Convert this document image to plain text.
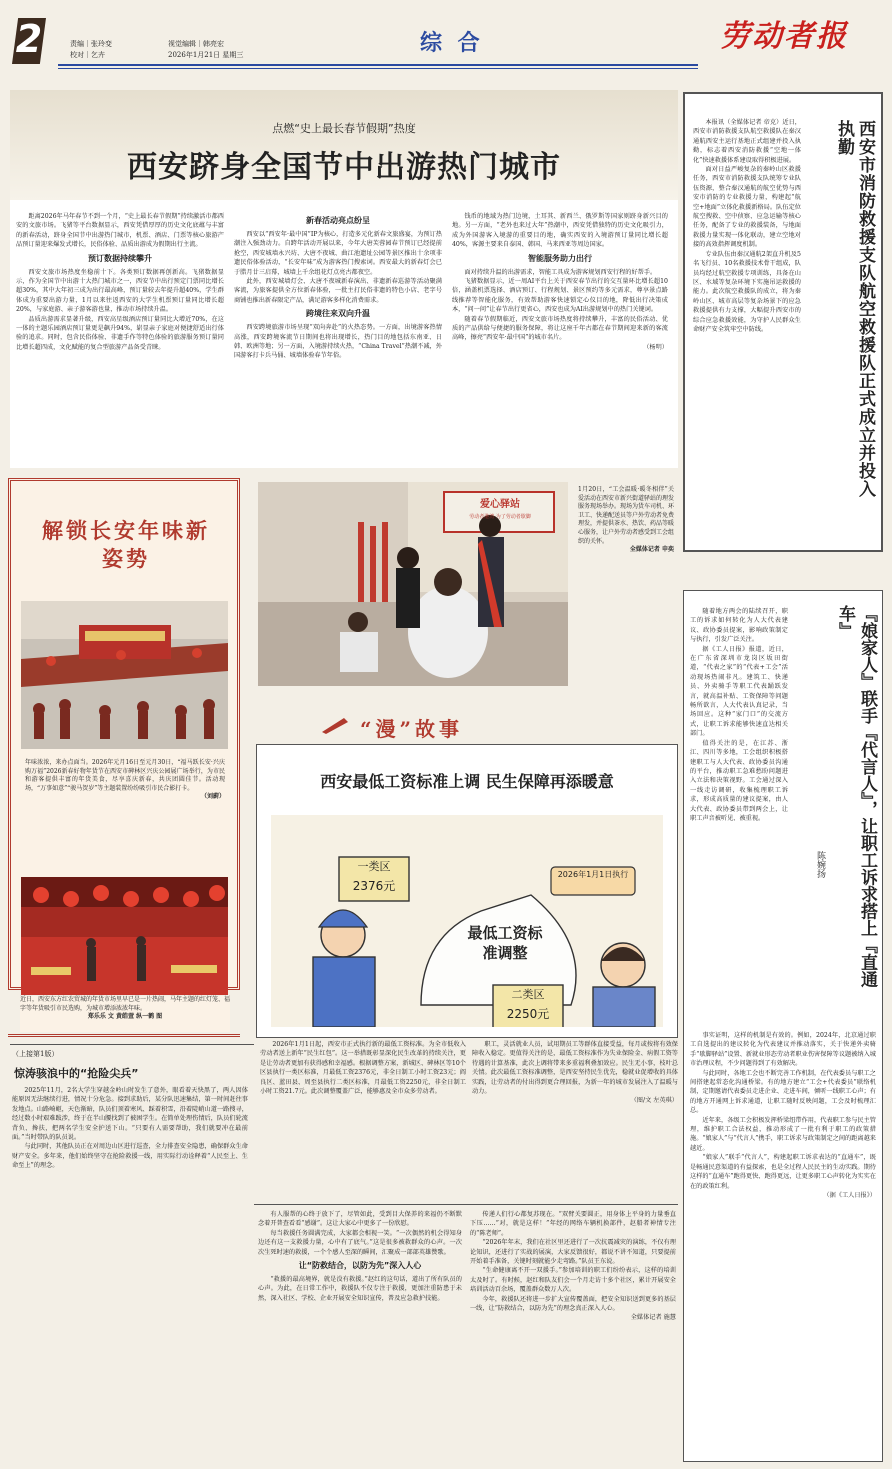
2	责编｜张玲变
校对｜乞卉
视觉编辑｜韩亮宏
2026年1月21日 星期三	综 合	劳动者报
点燃“史上最长春节假期”热度
西安跻身全国节中出游热门城市

距离2026年马年春节不到一个月，“史上最长春节假期”持续激活市都西安的文旅市场。飞猪等平台数据显示，西安凭借厚厚的历史文化底蕴与丰富的新春活动，跻身全国节中出游热门城市，机票、酒店、门票等核心旅游产品预订量迎来爆发式增长，民俗体验、品质出游成为假期出行主流。

预订数据持续攀升

西安文旅市场热度坐稳前十下。各类预订数据再创新高。飞猪数据显示，作为全国节中出游十大热门城市之一，西安节中出行预定门票同比增长超30%，其中大年初三成为出行最高峰，预订量较去年提升超40%，学生群体成为重要出游力量，1月以来往返西安的大学生机票预订量同比增长超20%，与家庭游、亲子游客游也量，推动市场持续升温。

品质出游需求显著升级，西安高星级酒店预订量同比大增近70%，在这一体的主题乐园酒店预订量更是飙升94%，崭显亲子家庭对便捷舒适出行体验的追求。同时，包含民俗体验、非遗手作等特色体验的旅游服务预订量同比增长超四成，文化赋能的复合型旅游产品备受青睐。

新春活动亮点纷呈

西安以“西安年·最中国”IP为核心，打造多元化新春文旅盛宴，为预订热潮注入强劲动力。自跨年活动开展以来，今年大唐芙蓉园春节预订已经提前抢空，西安城墙永兴坊、大唐不夜城、曲江池遗址公园等景区推出十余项非遗民俗体验活动，“长安年味”成为游客热门搜索词。西安最大的新春灯会已于腊月廿三启幕，城墙上千余组花灯点亮古都夜空。

此外，西安城墙灯会、大唐不夜城新春演出、非遗新春巡游等活动聚满客流，为旅客提供全方位新春体验，一批主打民俗非遗的特色小店、老字号商铺也推出新春限定产品，满足游客多样化消费需求。

跨境往来双向升温

西安跨境旅游市场呈现“双向奔赴”的火热态势。一方面，出境游客热情高涨，西安跨境客流节日期间也将出现增长，热门目的地包括东南亚、日韩、欧洲等地；另一方面，入境游持续火热，“China Travel”热潮不减，外国游客打卡兵马俑、城墙体验春节年俗。

钱币的地域为热门边境，土耳其、新西兰、俄罗斯等国家则跻身新兴目的地。另一方面，“老外也来过大年”热潮中，西安凭借独特的历史文化吸引力，成为外国游客入境游的重要目的地，确实西安的入境游预订量同比增长超40%，客源主要来自泰国、韩国、马来西亚等周边国家。

智能服务助力出行

面对持续升温的出游需求，智能工具成为游客规划西安行程的好帮手。

飞猪数据显示，近一周AI平台上关于西安春节出行的交互量环比增长超10倍，涵盖机票选择、酒店预订、行程规划、景区预约等多元需求，尊享景点路线推荐等智能化服务，有效帮助游客快速锁定心仪目的地，降低出行决策成本，“问一问”让春节出行更省心，西安也成为AI出游规划中的热门关键词。

随着春节假期临近，西安文旅市场热度将持续攀升，丰富的民俗活动、优质的产品供给与便捷的服务保障，将让这座千年古都在春节期间迎来新的客流高峰，擦亮“西安年·最中国”的城市名片。

（杨明）	西安市消防救援支队航空救援队正式成立并投入执勤

本报讯（全媒体记者 帝克）近日，西安市消防救援支队航空救援队在秦汉通航西安主运行基地正式组建并投入执勤，标志着西安消防救援“空地一体化”快速救援体系建设取得积极进展。

面对日益严峻复杂的秦岭山区救援任务，西安市消防救援支队统筹专业队伍资源，整合秦汉通航的航空优势与西安市消防的专业救援力量，构建起“航空+地面”立体化救援新格局。队伍定位航空搜救、空中侦察、应急运输等核心任务，配备了专业的救援装备，与地面救援力量实现一体化联动，建立空地对接的高效指挥调度机制。

专业队伍由秦汉通航2架直升机及5名飞行员、10名救援技术骨干组成，队员均经过航空救援专项训练，具备在山区、水域等复杂环境下实施吊运救援的能力。此次航空救援队的成立，将为秦岭山区、城市高层等复杂场景下的应急救援提供有力支撑，大幅提升西安市的综合应急救援效能，为守护人民群众生命财产安全筑牢空中防线。

解锁长安年味新姿势
年味浓浓，来办点面当。2026年元月16日至元月30日，“福马跃长安·兴庆购万福”2026新春好物年货节在西安市碑林区兴庆公园展广场举行，为市民和游客提供丰富的年货美食，尽享喜庆新春，共庆团圆佳节。活动现场，“万事如意”“骏马贺岁”等主题装置纷纷吸引市民合影打卡。
（刘蔚）
近日，西安东方红农贸城的年货市场里早已是一片热闹，马年主题的红灯笼、福字等年货吸引市民选购，为城市增添浓浓年味。
郑乐乐 文 黄皓萱 纵一鹤 图
爱心驿站
劳动者港湾·为了劳动者歇脚
1月20日，“工会温暖·暖冬相伴”关爱活动在西安市新兴街道驿站的理发服务现场举办。现场为货车司机、环卫工、快递配送员等户外劳动者免费理发，并提供茶水、热饮、药品等暖心服务，让户外劳动者感受到工会组织的关怀。
全媒体记者 申奕
“漫”故事
西安最低工资标准上调 民生保障再添暖意
一类区
2376元
最低工资标准调整
2026年1月1日执行
二类区
2250元

2026年1月1日起，西安市正式执行新的最低工资标准。为全市低收入劳动者送上新年“民生红包”。这一举措既彰显深化民生改革的持续关注，更是让劳动者更加有获得感和幸福感。根据调整方案，新城区、碑林区等10个区县执行一类区标准，月最低工资2376元，非全日制工小时工资23元；阎良区、蓝田县、周至县执行二类区标准，月最低工资2250元，非全日制工小时工资21.7元。此次调整覆盖广泛，能够惠及全市众多劳动者。

职工，灵活就业人员，试用期员工等群体直接受益，每月或按将有效保障收入稳定。更值得关注的是，最低工资标准作为失业保险金、病假工资等待遇的计算基准，此次上调将带来多重福利叠加效应。民生无小事，枝叶总关情。此次最低工资标准调整，是西安坚持民生优先，稳就业促增收的具体实践，让劳动者的付出得到更合理回报，为新一年的城市发展注入了温暖与动力。

（图/文 左英琪）
『娘家人』联手『代言人』，让职工诉求搭上『直通车』
陈婉扬

随着地方两会的陆续召开，职工的诉求如何转化为人大代表建议、政协委员提案，影响政策制定与执行，引发广泛关注。

据《工人日报》报道，近日，在广东省深圳市龙岗区坂田街道，“代表之家”的“代表+工会”活动现场热闹非凡。建筑工、快递员、外卖骑手等职工代表踊跃发言，就高温补贴、工资保障等问题畅所欲言，人大代表认真记录，当场回应。这种“家门口”的交流方式，让职工诉求能够快速直达相关部门。

值得关注的是，在江苏、浙江、四川等多地，工会组织积极搭建职工与人大代表、政协委员沟通的平台，推动职工急难愁盼问题进入立法和决策视野。工会通过深入一线走访调研，收集梳理职工诉求，形成高质量的建议提案，由人大代表、政协委员带到两会上，让职工声音被听见、被重视。

事实证明，这样的机制是有效的。例如，2024年，北京通过职工自选提出的建议转化为代表建议并推动落实，关于快递外卖骑手“歇脚驿站”设置、新就业形态劳动者职业伤害保障等议题被纳入城市治理议程，不少问题得到了有效解决。

与此同时，各地工会也不断完善工作机制，在代表委员与职工之间搭建起常态化沟通桥梁。有的地方建立“工会+代表委员”联络机制，定期邀请代表委员走进企业、走进车间，倾听一线职工心声；有的地方开通网上诉求通道，让职工随时反映问题，工会及时梳理汇总。

近年来，各级工会积极发挥桥梁纽带作用，代表职工参与民主管理，维护职工合法权益，推动形成了一批有利于职工的政策措施。“娘家人”与“代言人”携手，职工诉求与政策制定之间的距离越来越近。

“娘家人”联手“代言人”，构建起职工诉求表达的“直通车”，既是畅通民意渠道的有益探索，也是全过程人民民主的生动实践。期待这样的“直通车”跑得更快、跑得更远，让更多职工心声转化为实实在在的政策红利。

（据《工人日报》）
（上接第1版）
惊涛骇浪中的“抢险尖兵”

2025年11月，2名大学生穿越金岭山时发生了意外，眼看着天快黑了，两人因体能原因无法继续行进，情况十分危急。接到求助后，某分队迅速集结，第一时间赶往事发地点。山路崎岖，天色渐暗，队员们顶着寒风、踩着积雪，沿着陡峭山道一路搜寻，经过数小时艰难跋涉，终于在半山腰找到了被困学生。在简单处理伤情后，队员们轮流背负、搀扶，把两名学生安全护送下山。“只要有人需要帮助，我们就要冲在最前面。”当时带队的队员说。

与此同时，其他队员正在对周边山区进行巡查，全力排查安全隐患，确保群众生命财产安全。多年来，他们始终坚守在抢险救援一线，用实际行动诠释着“人民至上、生命至上”的理念。

有人服帮的心终于放下了，尽管如此，受到目大保养的来福仍不断默念着开普查看看“感谢”。这让大家心中更多了一份欣慰。

每当救援任务圆满完成，大家都会相视一笑。“一次偶然的机会得知身边还有这一支救援力量，心中有了底气。”这是很多被救群众的心声。一次次生死时速的救援，一个个感人至深的瞬间，汇聚成一部部英雄赞歌。

让“防救结合，以防为先”深入人心

“救援的最高境界，就是没有救援。”赵红的这句话，道出了所有队员的心声。为此，在日常工作中，救援队不仅专注于救援，更加注重防患于未然，深入社区、学校、企业开展安全知识宣传，普及应急救护技能。

传递人们行心都复苏现在。“双臂关要圆正，用身体上平身的力量垂直下压……”对，就是这样！”年经的网络车辆机换部件，赵船者神情专注的“陈老师”。

“2026年年末，我们在社区里还进行了一次抗震减灾的演练，不仅有理论知识，还进行了实战的展演，大家反馈很好，都说不讲不知道，只要提前开始着手准备，关键时刻就能少走弯路。”队员王东说。

“生命健康离不开一双援手。”参加培训的职工们纷纷表示，这样的培训太及时了。有时候，赵红和队友们会一个月走访十多个社区，累计开展安全培训活动百余场，覆盖群众数万人次。

今年，救援队还将进一步扩大宣传覆盖面，把安全知识送到更多的基层一线，让“防救结合，以防为先”的理念真正深入人心。

全媒体记者 施慧
